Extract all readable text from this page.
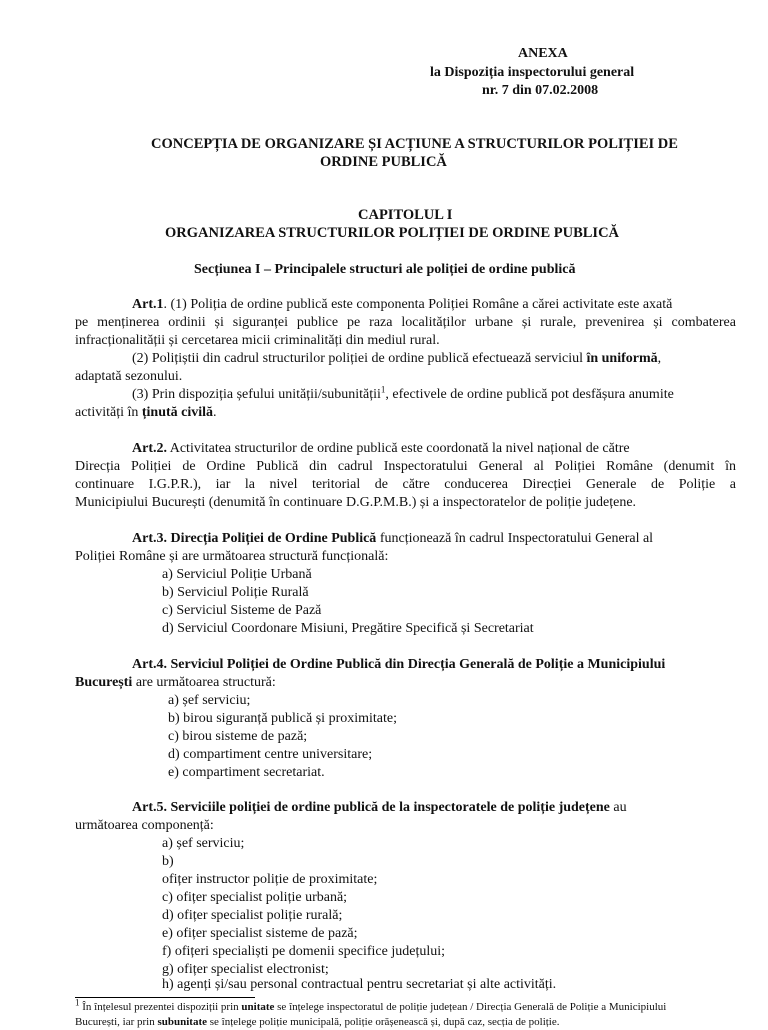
ANEXA
la Dispoziția inspectorului general
nr. 7 din 07.02.2008
CONCEPȚIA DE ORGANIZARE ȘI ACȚIUNE A STRUCTURILOR POLIȚIEI DE
ORDINE PUBLICĂ
CAPITOLUL I
ORGANIZAREA STRUCTURILOR POLIȚIEI DE ORDINE PUBLICĂ
Secțiunea I – Principalele structuri ale poliției de ordine publică
Art.1. (1) Poliția de ordine publică este componenta Poliției Române a cărei activitate este axată
pe menținerea ordinii și siguranței publice pe raza localităților urbane și rurale, prevenirea și combaterea
infracționalității și cercetarea micii criminalități din mediul rural.
(2) Polițiștii din cadrul structurilor poliției de ordine publică efectuează serviciul în uniformă,
adaptată sezonului.
(3) Prin dispoziția șefului unității/subunității$^1$, efectivele de ordine publică pot desfășura anumite
activități în ținută civilă.
Art.2. Activitatea structurilor de ordine publică este coordonată la nivel național de către
Direcția Poliției de Ordine Publică din cadrul Inspectoratului General al Poliției Române (denumit în
continuare I.G.P.R.), iar la nivel teritorial de către conducerea Direcției Generale de Poliție a
Municipiului București (denumită în continuare D.G.P.M.B.) și a inspectoratelor de poliție județene.
Art.3. Direcția Poliției de Ordine Publică funcționează în cadrul Inspectoratului General al
Poliției Române și are următoarea structură funcțională:
a) Serviciul Poliție Urbană
b) Serviciul Poliție Rurală
c) Serviciul Sisteme de Pază
d) Serviciul Coordonare Misiuni, Pregătire Specifică și Secretariat
Art.4. Serviciul Poliției de Ordine Publică din Direcția Generală de Poliție a Municipiului
București are următoarea structură:
a) șef serviciu;
b) birou siguranță publică și proximitate;
c) birou sisteme de pază;
d) compartiment centre universitare;
e) compartiment secretariat.
Art.5. Serviciile poliției de ordine publică de la inspectoratele de poliție județene au
următoarea componență:
a) șef serviciu;
b)
ofițer instructor poliție de proximitate;
c) ofițer specialist poliție urbană;
d) ofițer specialist poliție rurală;
e) ofițer specialist sisteme de pază;
f) ofițeri specialiști pe domenii specifice județului;
g) ofițer specialist electronist;
h) agenți și/sau personal contractual pentru secretariat și alte activități.
$^1$ În înțelesul prezentei dispoziții prin unitate se înțelege inspectoratul de poliție județean / Direcția Generală de Poliție a Municipiului
București, iar prin subunitate se înțelege poliție municipală, poliție orășenească și, după caz, secția de poliție.
